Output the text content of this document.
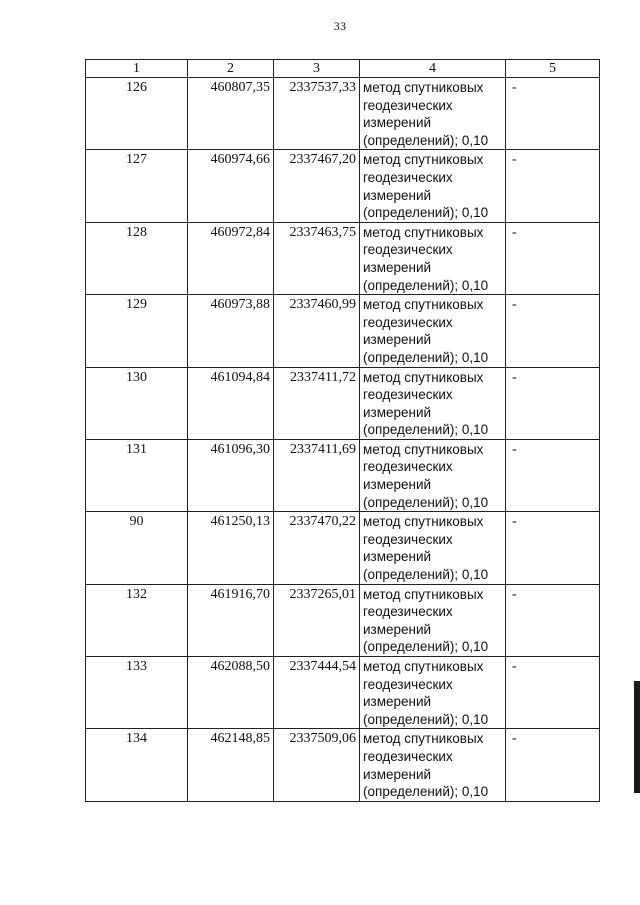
33
1	2	3	4	5
126	460807,35	2337537,33	метод спутниковых
геодезических
измерений
(определений); 0,10	-
127	460974,66	2337467,20	метод спутниковых
геодезических
измерений
(определений); 0,10	-
128	460972,84	2337463,75	метод спутниковых
геодезических
измерений
(определений); 0,10	-
129	460973,88	2337460,99	метод спутниковых
геодезических
измерений
(определений); 0,10	-
130	461094,84	2337411,72	метод спутниковых
геодезических
измерений
(определений); 0,10	-
131	461096,30	2337411,69	метод спутниковых
геодезических
измерений
(определений); 0,10	-
90	461250,13	2337470,22	метод спутниковых
геодезических
измерений
(определений); 0,10	-
132	461916,70	2337265,01	метод спутниковых
геодезических
измерений
(определений); 0,10	-
133	462088,50	2337444,54	метод спутниковых
геодезических
измерений
(определений); 0,10	-
134	462148,85	2337509,06	метод спутниковых
геодезических
измерений
(определений); 0,10	-
